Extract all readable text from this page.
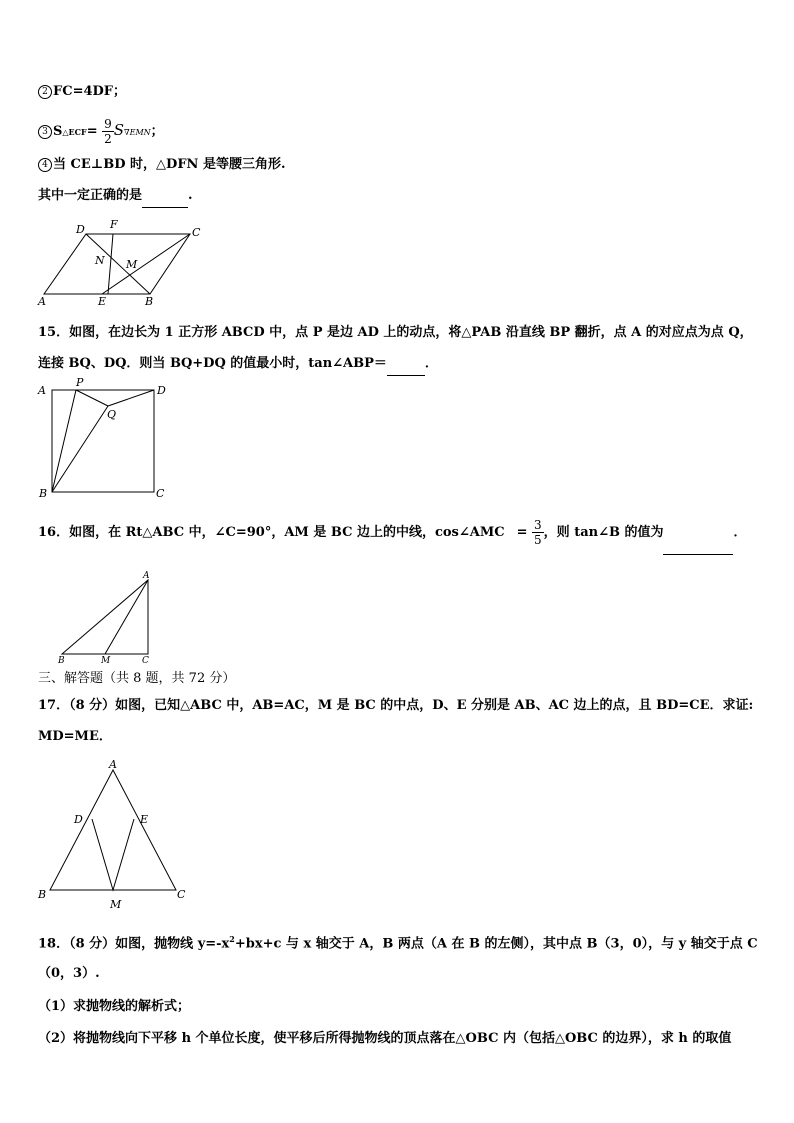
2 FC=4DF；
3 S△ECF= $\frac{9}{2} S\nabla EMN$；
4 当 CE⊥BD 时，△DFN 是等腰三角形.
其中一定正确的是	.
D F
C
N M
A	E	B
15．如图，在边长为 1 正方形 ABCD 中，点 P 是边 AD 上的动点，将△PAB 沿直线 BP 翻折，点 A 的对应点为点 Q，
连接 BQ、DQ．则当 BQ+DQ 的值最小时，tan∠ABP＝	．
A
P
D
Q
B	C
16．如图，在 Rt△ABC 中，∠C=90°，AM 是 BC 边上的中线，cos∠AMC = $\frac{3}{5}$ ，则 tan∠B 的值为	．
A
B	M	C
三、解答题（共 8 题，共 72 分）
17．（8 分）如图，已知△ABC 中，AB=AC，M 是 BC 的中点，D、E 分别是 AB、AC 边上的点，且 BD=CE．求证:
MD=ME．
A
D	E
B
M
C
18．（8 分）如图，抛物线 $y=-x^2+bx+c$ 与 x 轴交于 A，B 两点（A 在 B 的左侧），其中点 B（3，0），与 y 轴交于点 C
（0，3）.
（1）求抛物线的解析式；
（2）将抛物线向下平移 h 个单位长度，使平移后所得抛物线的顶点落在△OBC 内（包括△OBC 的边界），求 h 的取值
